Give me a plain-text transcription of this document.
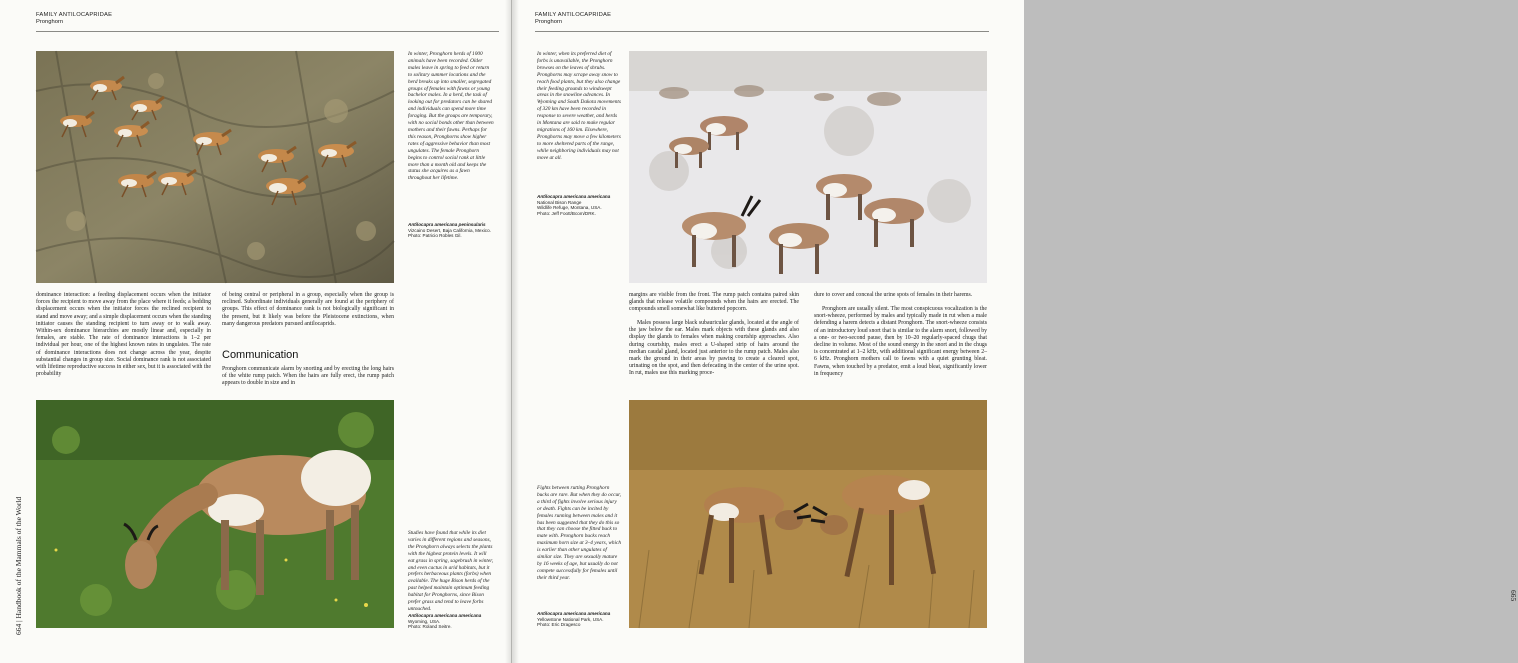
FAMILY ANTILOCAPRIDAE
Pronghorn
In winter, Pronghorn herds of 1000 animals have been recorded. Older males leave in spring to feed or return to solitary summer locations and the herd breaks up into smaller, segregated groups of females with fawns or young bachelor males. In a herd, the task of looking out for predators can be shared and individuals can spend more time foraging. But the groups are temporary, with no social bonds other than between mothers and their fawns. Perhaps for this reason, Pronghorns show higher rates of aggressive behavior than most ungulates. The female Pronghorn begins to control social rank at little more than a month old and keeps the status she acquires as a fawn throughout her lifetime.
Antilocapra americana peninsularis
Vizcaino Desert, Baja California, Mexico.
Photo: Patricio Robles Gil.
dominance interaction: a feeding displacement occurs when the initiator forces the recipient to move away from the place where it feeds; a bedding displacement occurs when the initiator forces the reclined recipient to stand and move away; and a simple displacement occurs when the standing initiator causes the standing recipient to turn away or to walk away. Within-sex dominance hierarchies are mostly linear and, especially in females, are stable. The rate of dominance interactions is 1–2 per individual per hour, one of the highest known rates in ungulates. The rate of dominance interactions does not change across the year, despite substantial changes in group size. Social dominance rank is not associated with lifetime reproductive success in either sex, but it is associated with the probability
of being central or peripheral in a group, especially when the group is reclined. Subordinate individuals generally are found at the periphery of groups. This effect of dominance rank is not biologically significant in the present, but it likely was before the Pleistocene extinctions, when many dangerous predators pursued antilocaprids.
Communication
Pronghorn communicate alarm by snorting and by erecting the long hairs of the white rump patch. When the hairs are fully erect, the rump patch appears to double in size and in
Studies have found that while its diet varies in different regions and seasons, the Pronghorn always selects the plants with the highest protein levels. It will eat grass in spring, sagebrush in winter, and even cactus in arid habitats, but it prefers herbaceous plants (forbs) when available. The huge Bison herds of the past helped maintain optimum feeding habitat for Pronghorns, since Bison prefer grass and tend to leave forbs untouched.
Antilocapra americana americana
Wyoming, USA.
Photo: Roland Seitre.
664 | Handbook of the Mammals of the World
FAMILY ANTILOCAPRIDAE
Pronghorn
In winter, when its preferred diet of forbs is unavailable, the Pronghorn browses on the leaves of shrubs. Pronghorns may scrape away snow to reach food plants, but they also change their feeding grounds to windswept areas in the snowline advances. In Wyoming and South Dakota movements of 320 km have been recorded in response to severe weather, and herds in Montana are said to make regular migrations of 160 km. Elsewhere, Pronghorns may move a few kilometers to more sheltered parts of the range, while neighboring individuals may not move at all.
Antilocapra americana americana
National Bison Range
Wildlife Refuge, Montana, USA.
Photo: Jeff Foott/Bcom/DRK.
margins are visible from the front. The rump patch contains paired skin glands that release volatile compounds when the hairs are erected. The compounds smell somewhat like buttered popcorn.
Males possess large black subauricular glands, located at the angle of the jaw below the ear. Males mark objects with these glands and also display the glands to females when making courtship approaches. Also during courtship, males erect a U-shaped strip of hairs around the median caudal gland, located just anterior to the rump patch. Males also mark the ground in their areas by pawing to create a cleared spot, urinating on the spot, and then defecating in the center of the urine spot. In rut, males use this marking proce-
dure to cover and conceal the urine spots of females in their harems.
Pronghorn are usually silent. The most conspicuous vocalization is the snort-wheeze, performed by males and typically made in rut when a male defending a harem detects a distant Pronghorn. The snort-wheeze consists of an introductory loud snort that is similar to the alarm snort, followed by a one- or two-second pause, then by 10–20 regularly-spaced chugs that decline in volume. Most of the sound energy in the snort and in the chugs is concentrated at 1–2 kHz, with additional significant energy between 2–6 kHz. Pronghorn mothers call to fawns with a quiet grunting bleat. Fawns, when touched by a predator, emit a loud bleat, significantly lower in frequency
Fights between rutting Pronghorn bucks are rare. But when they do occur, a third of fights involve serious injury or death. Fights can be incited by females running between males and it has been suggested that they do this so that they can choose the fitted buck to mate with. Pronghorn bucks reach maximum horn size at 3–4 years, which is earlier than other ungulates of similar size. They are sexually mature by 16 weeks of age, but usually do not compete successfully for females until their third year.
Antilocapra americana americana
Yellowstone National Park, USA.
Photo: Eric Dragesco
665
